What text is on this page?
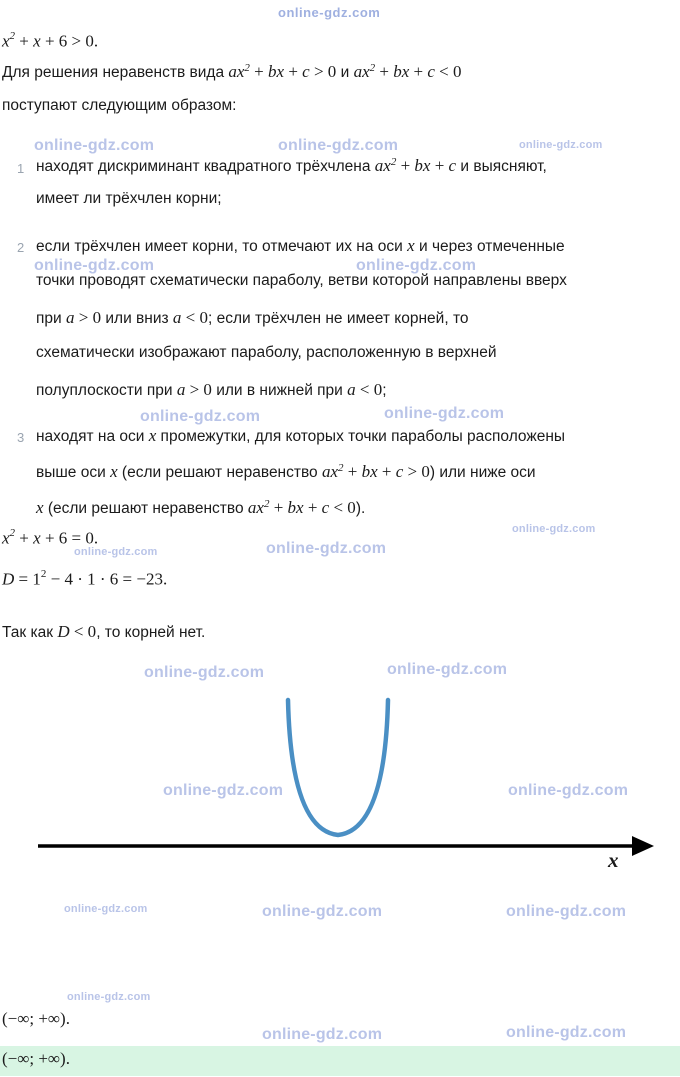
$x^2 + x + 6 > 0$.
Для решения неравенств вида $ax^2$ + bx + c > 0 и $ax^2$ + bx + c < 0
поступают следующим образом:
1 находят дискриминант квадратного трёхчлена $ax^2$ + bx + c и выясняют,
имеет ли трёхчлен корни;
2 если трёхчлен имеет корни, то отмечают их на оси x и через отмеченные
точки проводят схематически параболу, ветви которой направлены вверх
при a > 0 или вниз a < 0; если трёхчлен не имеет корней, то
схематически изображают параболу, расположенную в верхней
полуплоскости при a > 0 или в нижней при a < 0;
3 находят на оси x промежутки, для которых точки параболы расположены
выше оси x (если решают неравенство $ax^2$ + bx + c > 0) или ниже оси
x (если решают неравенство $ax^2$ + bx + c < 0).
$x^2 + x + 6 = 0$.
$D = 1^2 - 4 \cdot 1 \cdot 6 = -23$.
Так как D < 0, то корней нет.
x
(−∞; +∞).
(−∞; +∞).
online-gdz.com
online-gdz.com	online-gdz.com	online-gdz.com
online-gdz.com	online-gdz.com
online-gdz.com	online-gdz.com
online-gdz.com
online-gdz.com	online-gdz.com
online-gdz.com	online-gdz.com
online-gdz.com	online-gdz.com
online-gdz.com	online-gdz.com	online-gdz.com
online-gdz.com
online-gdz.com	online-gdz.com
